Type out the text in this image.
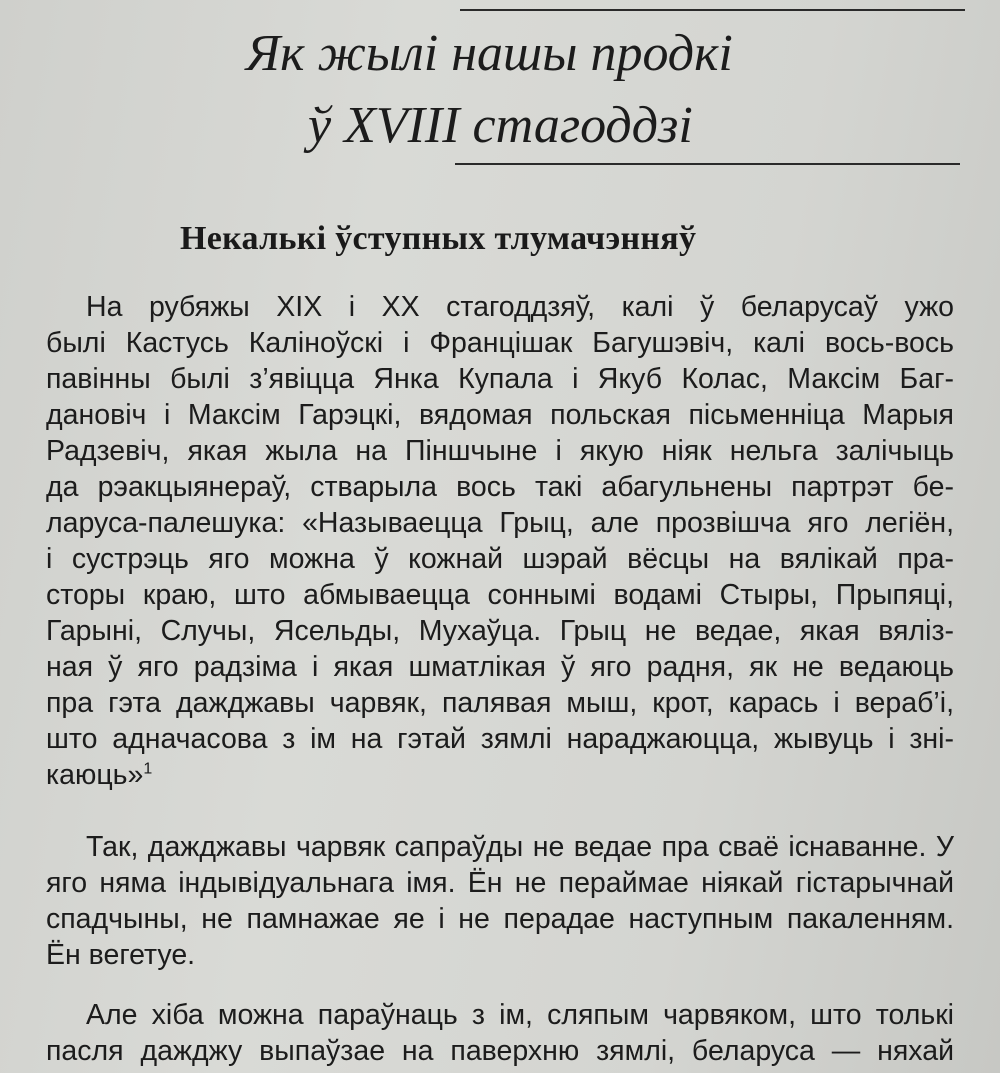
Як жылі нашы продкі
ў XVIII стагоддзі
Некалькі ўступных тлумачэнняў
На рубяжы XIX і XX стагоддзяў, калі ў беларусаў ужо
былі Кастусь Каліноўскі і Францішак Багушэвіч, калі вось-вось
павінны былі з’явіцца Янка Купала і Якуб Колас, Максім Баг-
дановіч і Максім Гарэцкі, вядомая польская пісьменніца Марыя
Радзевіч, якая жыла на Піншчыне і якую ніяк нельга залічыць
да рэакцыянераў, стварыла вось такі абагульнены партрэт бе-
ларуса-палешука: «Называецца Грыц, але прозвішча яго легіён,
і сустрэць яго можна ў кожнай шэрай вёсцы на вялікай пра-
сторы краю, што абмываецца соннымі водамі Стыры, Прыпяці,
Гарыні, Случы, Ясельды, Мухаўца. Грыц не ведае, якая вялiз-
ная ў яго радзіма і якая шматлікая ў яго радня, як не ведаюць
пра гэта дажджавы чарвяк, палявая мыш, крот, карась і вераб’і,
што адначасова з ім на гэтай зямлі нараджаюцца, жывуць і зні-
каюць»$^1$
Так, дажджавы чарвяк сапраўды не ведае пра сваё існаванне. У
яго няма індывідуальнага імя. Ён не пераймае ніякай гістарычнай
спадчыны, не памнажае яе і не перадае наступным пакаленням.
Ён вегетуе.
Але хіба можна параўнаць з ім, сляпым чарвяком, што толькі
пасля дажджу выпаўзае на паверхню зямлі, беларуса — няхай
